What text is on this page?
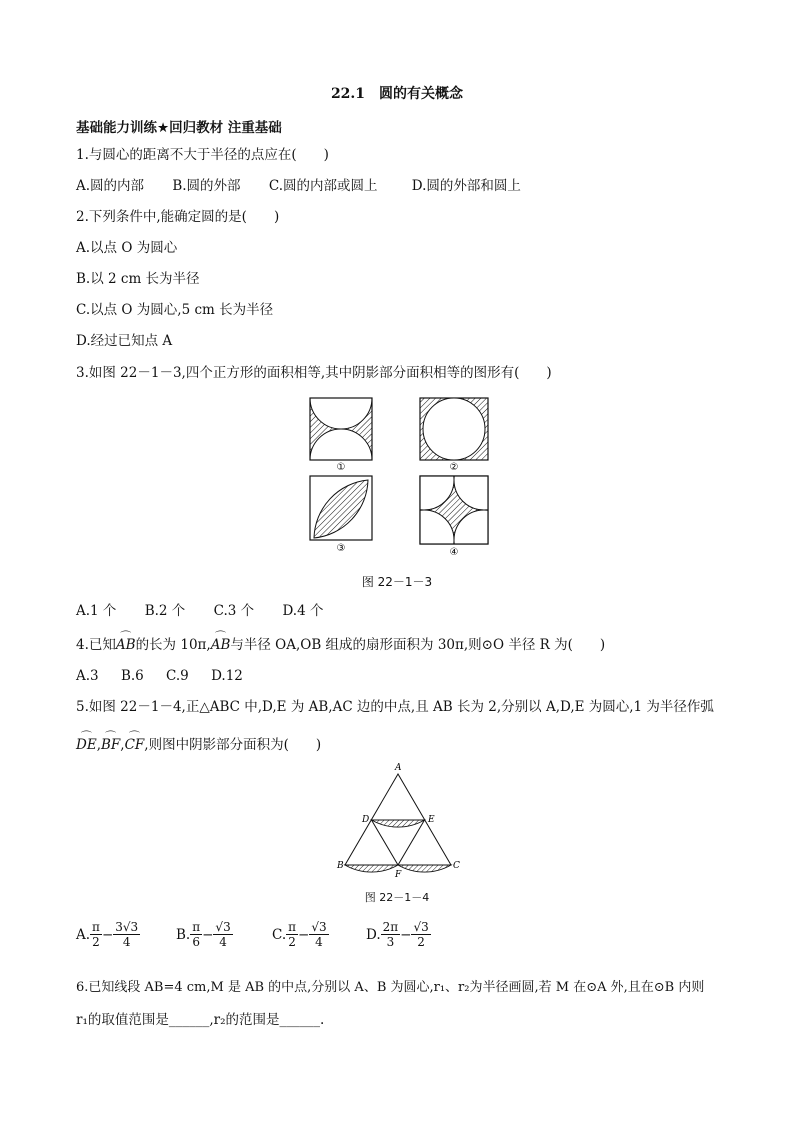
22.1　圆的有关概念
基础能力训练★回归教材 注重基础
1.与圆心的距离不大于半径的点应在(　　)
A.圆的内部 B.圆的外部 C.圆的内部或圆上	D.圆的外部和圆上
2.下列条件中,能确定圆的是(　　)
A.以点 O 为圆心
B.以 2 cm 长为半径
C.以点 O 为圆心,5 cm 长为半径
D.经过已知点 A
3.如图 22－1－3,四个正方形的面积相等,其中阴影部分面积相等的图形有(　　)
①	②
③	④
图 22－1－3
A.1 个 B.2 个 C.3 个 D.4 个
4.已知⌒ AB的长为 10π,⌒ AB与半径 OA,OB 组成的扇形面积为 30π,则⊙O 半径 R 为(　　)
A.3 B.6 C.9 D.12
5.如图 22－1－4,正△ABC 中,D,E 为 AB,AC 边的中点,且 AB 长为 2,分别以 A,D,E 为圆心,1 为半径作弧
⌒ DE,⌒ BF,⌒ CF,则图中阴影部分面积为(　　)
A
D	E
B
F
C
图 22－1－4
A. $\frac{\pi}{2} - \frac{3√3}{4}$	B. $\frac{\pi}{6} - \frac{√3}{4}$	C. $\frac{\pi}{2} - \frac{√3}{4}$	D. $\frac{2\pi}{3} - \frac{√3}{2}$
6.已知线段 AB=4 cm,M 是 AB 的中点,分别以 A、B 为圆心,r₁、r₂为半径画圆,若 M 在⊙A 外,且在⊙B 内则
r₁的取值范围是______,r₂的范围是______.
